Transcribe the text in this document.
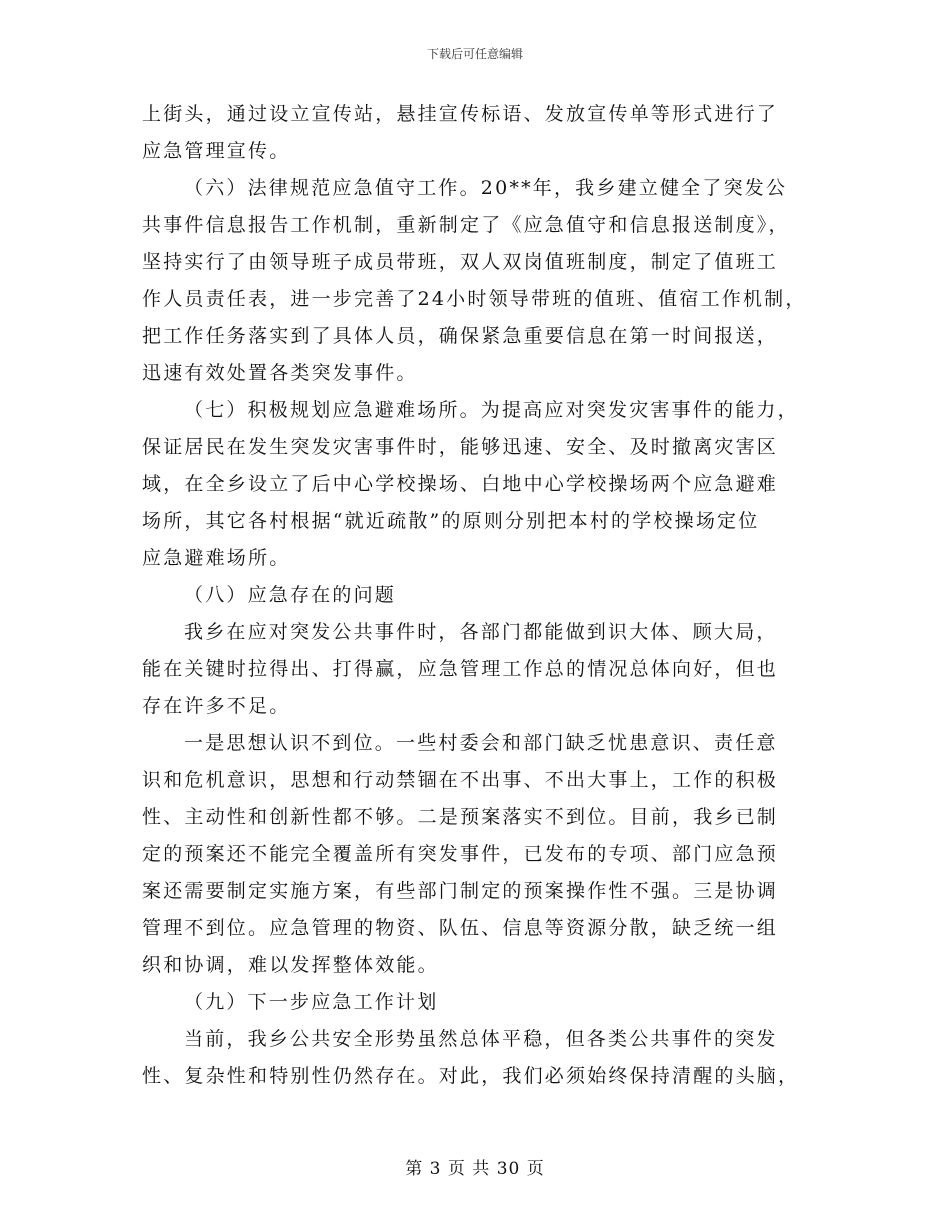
下载后可任意编辑
上街头，通过设立宣传站，悬挂宣传标语、发放宣传单等形式进行了
应急管理宣传。
（六）法律规范应急值守工作。20**年，我乡建立健全了突发公
共事件信息报告工作机制，重新制定了《应急值守和信息报送制度》，
坚持实行了由领导班子成员带班，双人双岗值班制度，制定了值班工
作人员责任表，进一步完善了24小时领导带班的值班、值宿工作机制，
把工作任务落实到了具体人员，确保紧急重要信息在第一时间报送，
迅速有效处置各类突发事件。
（七）积极规划应急避难场所。为提高应对突发灾害事件的能力，
保证居民在发生突发灾害事件时，能够迅速、安全、及时撤离灾害区
域，在全乡设立了后中心学校操场、白地中心学校操场两个应急避难
场所，其它各村根据“就近疏散”的原则分别把本村的学校操场定位
应急避难场所。
（八）应急存在的问题
我乡在应对突发公共事件时，各部门都能做到识大体、顾大局，
能在关键时拉得出、打得赢，应急管理工作总的情况总体向好，但也
存在许多不足。
一是思想认识不到位。一些村委会和部门缺乏忧患意识、责任意
识和危机意识，思想和行动禁锢在不出事、不出大事上，工作的积极
性、主动性和创新性都不够。二是预案落实不到位。目前，我乡已制
定的预案还不能完全覆盖所有突发事件，已发布的专项、部门应急预
案还需要制定实施方案，有些部门制定的预案操作性不强。三是协调
管理不到位。应急管理的物资、队伍、信息等资源分散，缺乏统一组
织和协调，难以发挥整体效能。
（九）下一步应急工作计划
当前，我乡公共安全形势虽然总体平稳，但各类公共事件的突发
性、复杂性和特别性仍然存在。对此，我们必须始终保持清醒的头脑，
第 3 页 共 30 页
